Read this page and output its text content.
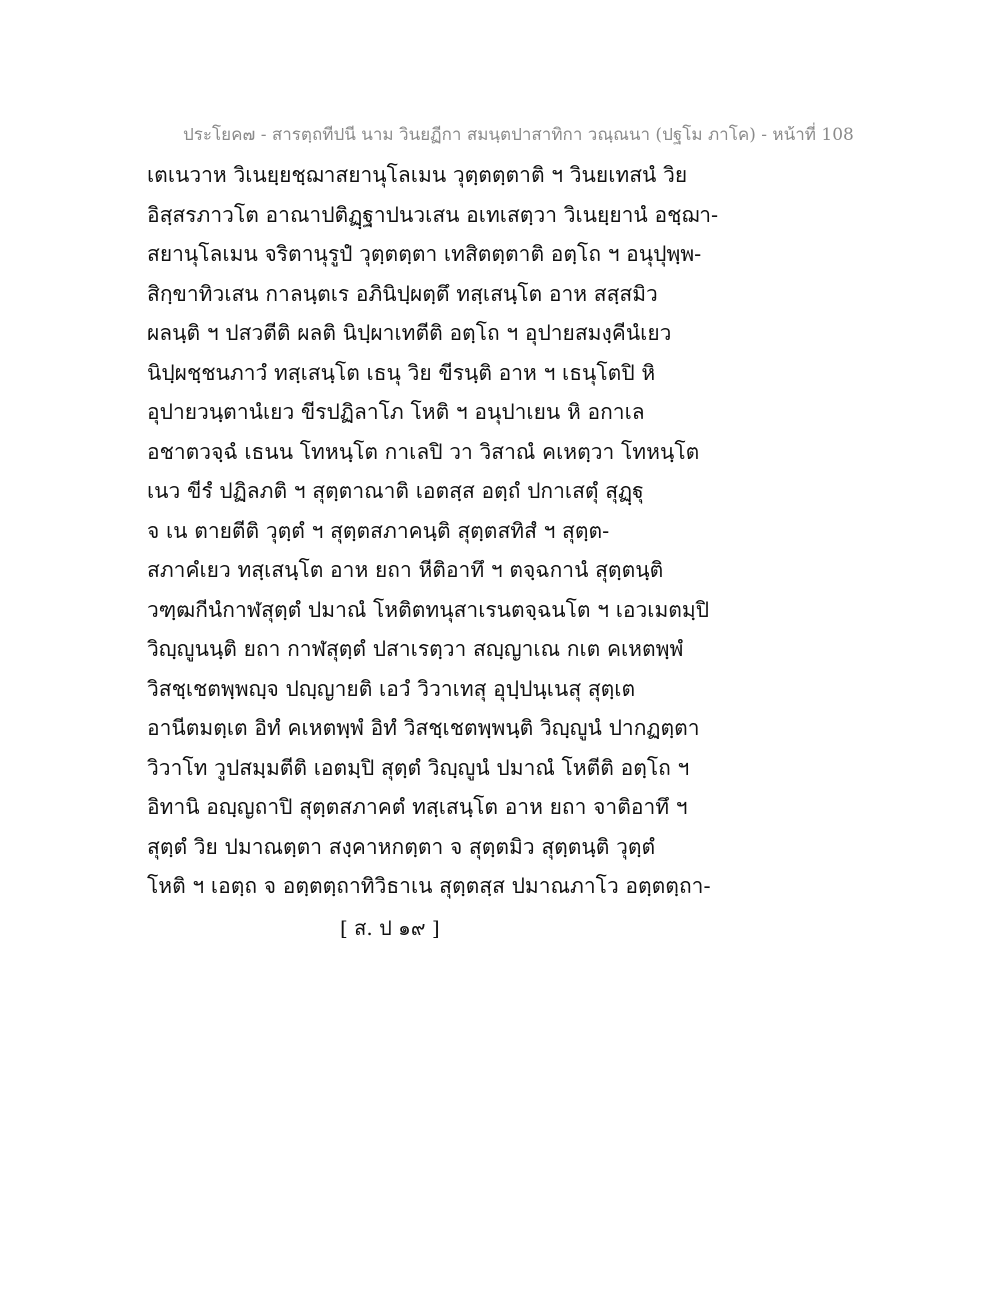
ประโยค๗ - สารตฺถทีปนี นาม วินยฏีกา สมนฺตปาสาทิกา วณฺณนา (ปฐโม ภาโค) - หน้าที่ 108
เตเนวาห วิเนยฺยชฺฌาสยานุโลเมน วุตฺตตฺตาติ ฯ วินยเทสนํ วิย
อิสฺสรภาวโต อาณาปติฏฺฐาปนวเสน อเทเสตฺวา วิเนยฺยานํ อชฺฌา-
สยานุโลเมน จริตานุรูปํ วุตฺตตฺตา เทสิตตฺตาติ อตฺโถ ฯ อนุปุพฺพ-
สิกฺขาทิวเสน กาลนฺตเร อภินิปฺผตฺตึ ทสฺเสนฺโต อาห สสฺสมิว
ผลนฺติ ฯ ปสวตีติ ผลติ นิปฺผาเทตีติ อตฺโถ ฯ อุปายสมงฺคีนํเยว
นิปฺผชฺชนภาวํ ทสฺเสนฺโต เธนุ วิย ขีรนฺติ อาห ฯ เธนุโตปิ หิ
อุปายวนฺตานํเยว ขีรปฏิลาโภ โหติ ฯ อนุปาเยน หิ อกาเล
อชาตวจฺฉํ เธนน โทหนฺโต กาเลปิ วา วิสาณํ คเหตฺวา โทหนฺโต
เนว ขีรํ ปฏิลภติ ฯ สุตฺตาณาติ เอตสฺส อตฺถํ ปกาเสตุํ สุฏฺฐุ
จ เน ตายตีติ วุตฺตํ ฯ สุตฺตสภาคนฺติ สุตฺตสทิสํ ฯ สุตฺต-
สภาคํเยว ทสฺเสนฺโต อาห ยถา หีติอาทึ ฯ ตจฺฉกานํ สุตฺตนฺติ
วฑฺฒกีนํกาฬสุตฺตํ ปมาณํ โหติตทนุสาเรนตจฺฉนโต ฯ เอวเมตมฺปิ
วิญฺญูนนฺติ ยถา กาฬสุตฺตํ ปสาเรตฺวา สญฺญาเณ กเต คเหตพฺพํ
วิสชฺเชตพฺพญฺจ ปญฺญายติ เอวํ วิวาเทสุ อุปฺปนฺเนสุ สุตฺเต
อานีตมตฺเต อิทํ คเหตพฺพํ อิทํ วิสชฺเชตพฺพนฺติ วิญฺญูนํ ปากฏตฺตา
วิวาโท วูปสมฺมตีติ เอตมฺปิ สุตฺตํ วิญฺญูนํ ปมาณํ โหตีติ อตฺโถ ฯ
อิทานิ อญฺญถาปิ สุตฺตสภาคตํ ทสฺเสนฺโต อาห ยถา จาติอาทึ ฯ
สุตฺตํ วิย ปมาณตฺตา สงฺคาหกตฺตา จ สุตฺตมิว สุตฺตนฺติ วุตฺตํ
โหติ ฯ เอตฺถ จ อตฺตตฺถาทิวิธาเน สุตฺตสฺส ปมาณภาโว อตฺตตฺถา-
[ ส. ป ๑๙ ]
